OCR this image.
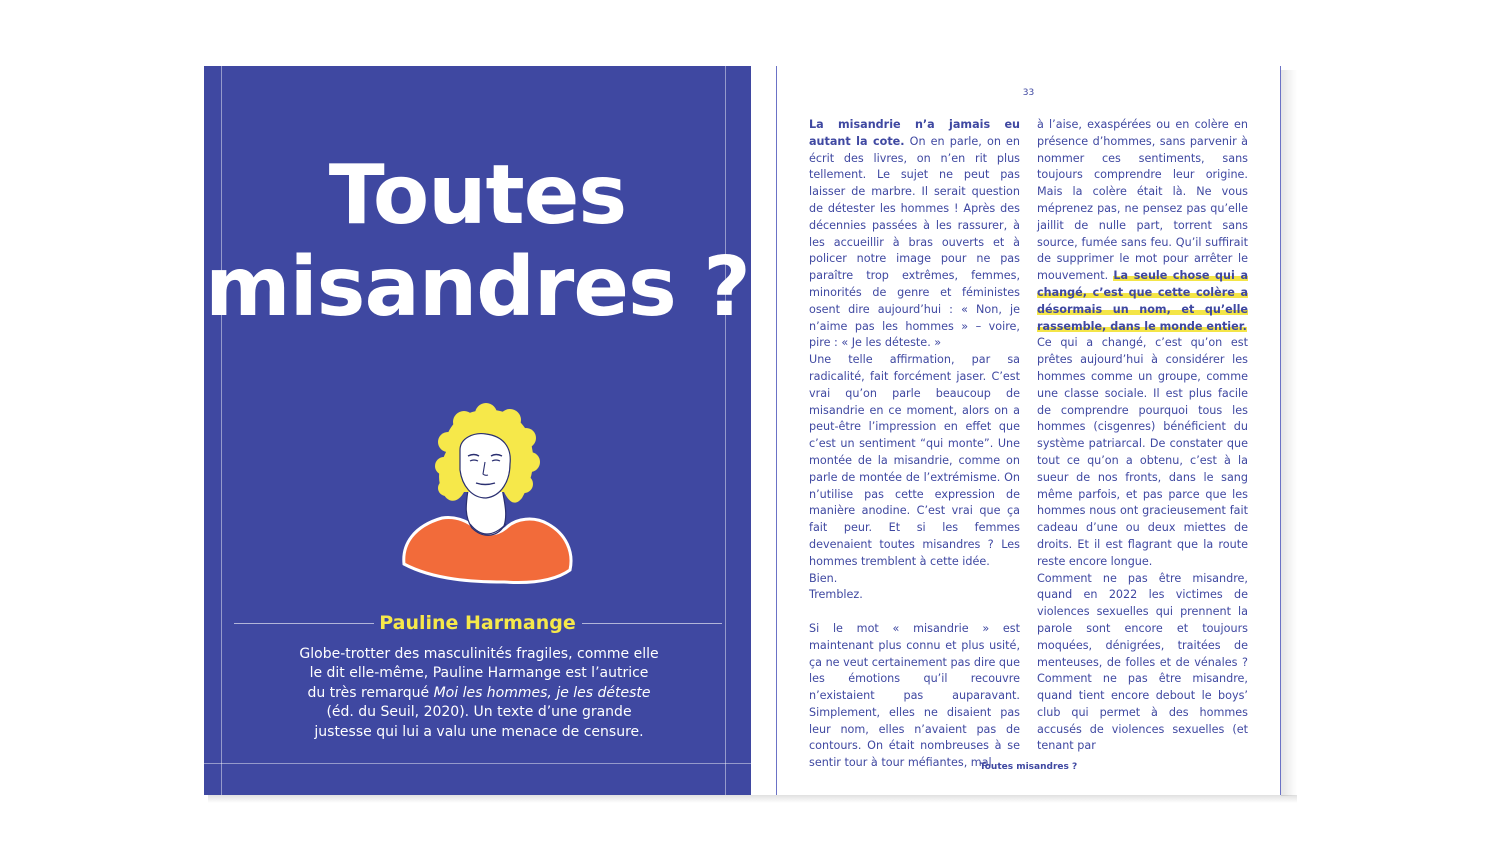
Toutes
misandres ?
Pauline Harmange
Globe-trotter des masculinités fragiles, comme elle le dit elle-même, Pauline Harmange est l’autrice du très remarqué Moi les hommes, je les déteste (éd. du Seuil, 2020). Un texte d’une grande justesse qui lui a valu une menace de censure.
33

La misandrie n’a jamais eu autant la cote. On en parle, on en écrit des livres, on n’en rit plus tellement. Le sujet ne peut pas laisser de marbre. Il serait question de détester les hommes ! Après des décennies passées à les rassurer, à les accueillir à bras ouverts et à policer notre image pour ne pas paraître trop extrêmes, femmes, minorités de genre et féministes osent dire aujourd’hui : « Non, je n’aime pas les hommes » – voire, pire : « Je les déteste. »

Une telle affirmation, par sa radicalité, fait forcément jaser. C’est vrai qu’on parle beaucoup de misandrie en ce moment, alors on a peut-être l’impression en effet que c’est un sentiment “qui monte”. Une montée de la misandrie, comme on parle de montée de l’extrémisme. On n’utilise pas cette expression de manière anodine. C’est vrai que ça fait peur. Et si les femmes devenaient toutes misandres ? Les hommes tremblent à cette idée.

Bien.

Tremblez.

Si le mot « misandrie » est maintenant plus connu et plus usité, ça ne veut certainement pas dire que les émotions qu’il recouvre n’existaient pas auparavant. Simplement, elles ne disaient pas leur nom, elles n’avaient pas de contours. On était nombreuses à se sentir tour à tour méfiantes, mal

à l’aise, exaspérées ou en colère en présence d’hommes, sans parvenir à nommer ces sentiments, sans toujours comprendre leur origine. Mais la colère était là. Ne vous méprenez pas, ne pensez pas qu’elle jaillit de nulle part, torrent sans source, fumée sans feu. Qu’il suffirait de supprimer le mot pour arrêter le mouvement. La seule chose qui a changé, c’est que cette colère a désormais un nom, et qu’elle rassemble, dans le monde entier.

Ce qui a changé, c’est qu’on est prêtes aujourd’hui à considérer les hommes comme un groupe, comme une classe sociale. Il est plus facile de comprendre pourquoi tous les hommes (cisgenres) bénéficient du système patriarcal. De constater que tout ce qu’on a obtenu, c’est à la sueur de nos fronts, dans le sang même parfois, et pas parce que les hommes nous ont gracieusement fait cadeau d’une ou deux miettes de droits. Et il est flagrant que la route reste encore longue.

Comment ne pas être misandre, quand en 2022 les victimes de violences sexuelles qui prennent la parole sont encore et toujours moquées, dénigrées, traitées de menteuses, de folles et de vénales ? Comment ne pas être misandre, quand tient encore debout le boys’ club qui permet à des hommes accusés de violences sexuelles (et tenant par

Toutes misandres ?
